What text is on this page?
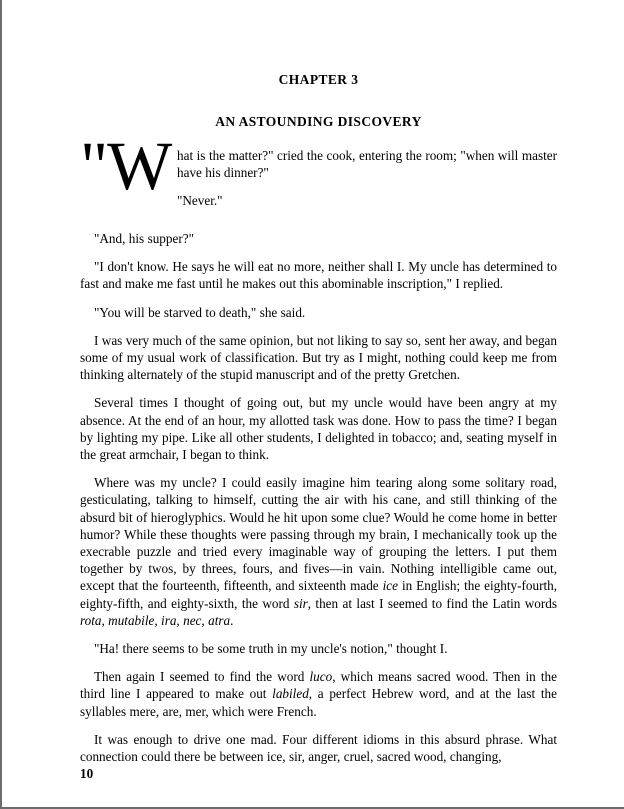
CHAPTER 3
AN ASTOUNDING DISCOVERY
"W hat is the matter?" cried the cook, entering the room; "when will master have his dinner?"

"Never."

"And, his supper?"

"I don't know. He says he will eat no more, neither shall I. My uncle has determined to fast and make me fast until he makes out this abominable inscription," I replied.

"You will be starved to death," she said.

I was very much of the same opinion, but not liking to say so, sent her away, and began some of my usual work of classification. But try as I might, nothing could keep me from thinking alternately of the stupid manuscript and of the pretty Gretchen.

Several times I thought of going out, but my uncle would have been angry at my absence. At the end of an hour, my allotted task was done. How to pass the time? I began by lighting my pipe. Like all other students, I delighted in tobacco; and, seating myself in the great armchair, I began to think.

Where was my uncle? I could easily imagine him tearing along some solitary road, gesticulating, talking to himself, cutting the air with his cane, and still thinking of the absurd bit of hieroglyphics. Would he hit upon some clue? Would he come home in better humor? While these thoughts were passing through my brain, I mechanically took up the execrable puzzle and tried every imaginable way of grouping the letters. I put them together by twos, by threes, fours, and fives—in vain. Nothing intelligible came out, except that the fourteenth, fifteenth, and sixteenth made ice in English; the eighty-fourth, eighty-fifth, and eighty-sixth, the word sir, then at last I seemed to find the Latin words rota, mutabile, ira, nec, atra.

"Ha! there seems to be some truth in my uncle's notion," thought I.

Then again I seemed to find the word luco, which means sacred wood. Then in the third line I appeared to make out labiled, a perfect Hebrew word, and at the last the syllables mere, are, mer, which were French.

It was enough to drive one mad. Four different idioms in this absurd phrase. What connection could there be between ice, sir, anger, cruel, sacred wood, changing,

10
